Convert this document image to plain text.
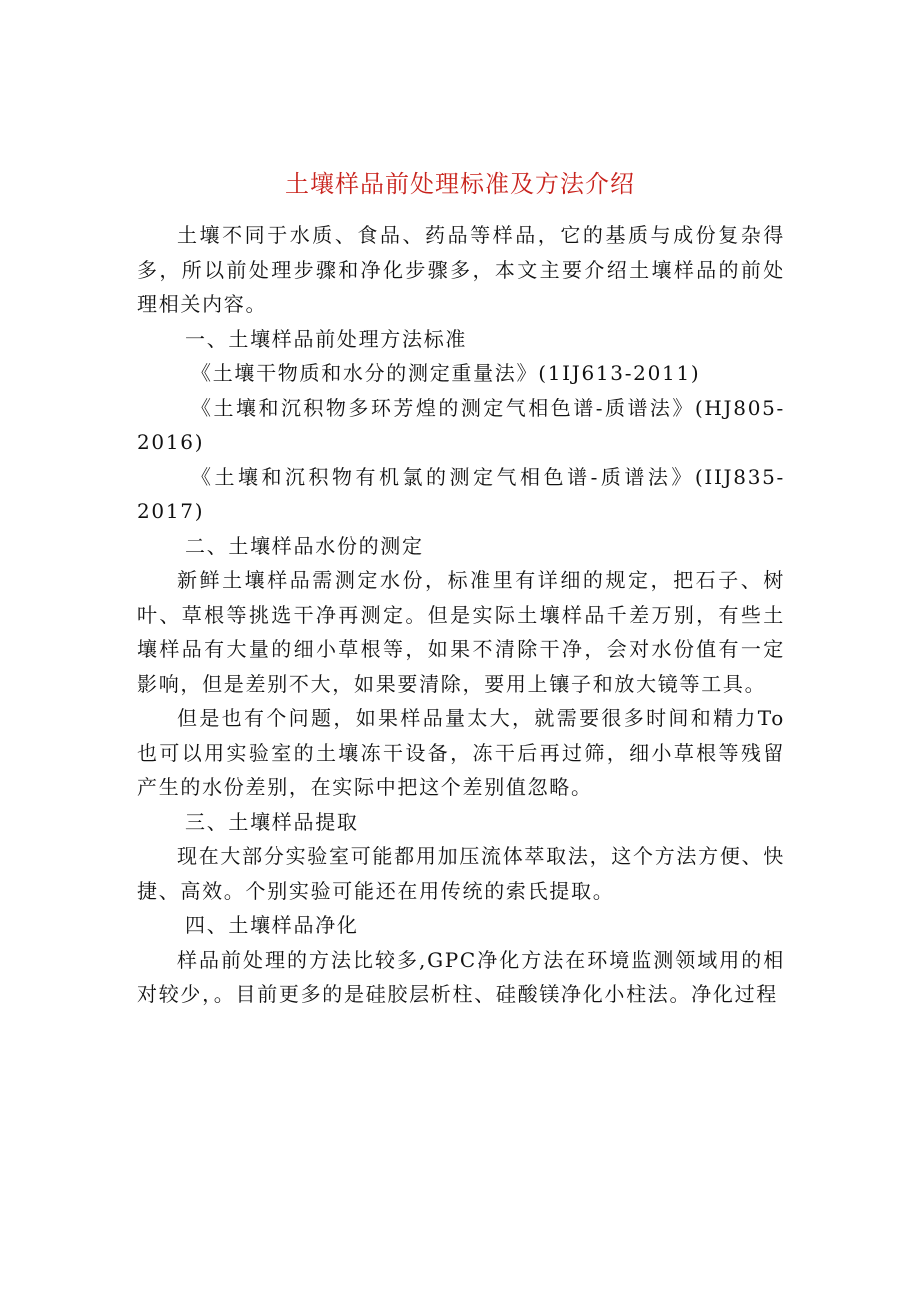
土壤样品前处理标准及方法介绍

土壤不同于水质、食品、药品等样品，它的基质与成份复杂得多，所以前处理步骤和净化步骤多，本文主要介绍土壤样品的前处理相关内容。

一、土壤样品前处理方法标准

《土壤干物质和水分的测定重量法》(1IJ613-2011)

《土壤和沉积物多环芳煌的测定气相色谱-质谱法》(HJ805-2016)

《土壤和沉积物有机氯的测定气相色谱-质谱法》(IIJ835-2017)

二、土壤样品水份的测定

新鲜土壤样品需测定水份，标准里有详细的规定，把石子、树叶、草根等挑选干净再测定。但是实际土壤样品千差万别，有些土壤样品有大量的细小草根等，如果不清除干净，会对水份值有一定影响，但是差别不大，如果要清除，要用上镶子和放大镜等工具。

但是也有个问题，如果样品量太大，就需要很多时间和精力To也可以用实验室的土壤冻干设备，冻干后再过筛，细小草根等残留产生的水份差别，在实际中把这个差别值忽略。

三、土壤样品提取

现在大部分实验室可能都用加压流体萃取法，这个方法方便、快捷、高效。个别实验可能还在用传统的索氏提取。

四、土壤样品净化

样品前处理的方法比较多,GPC净化方法在环境监测领域用的相对较少，。目前更多的是硅胶层析柱、硅酸镁净化小柱法。净化过程
